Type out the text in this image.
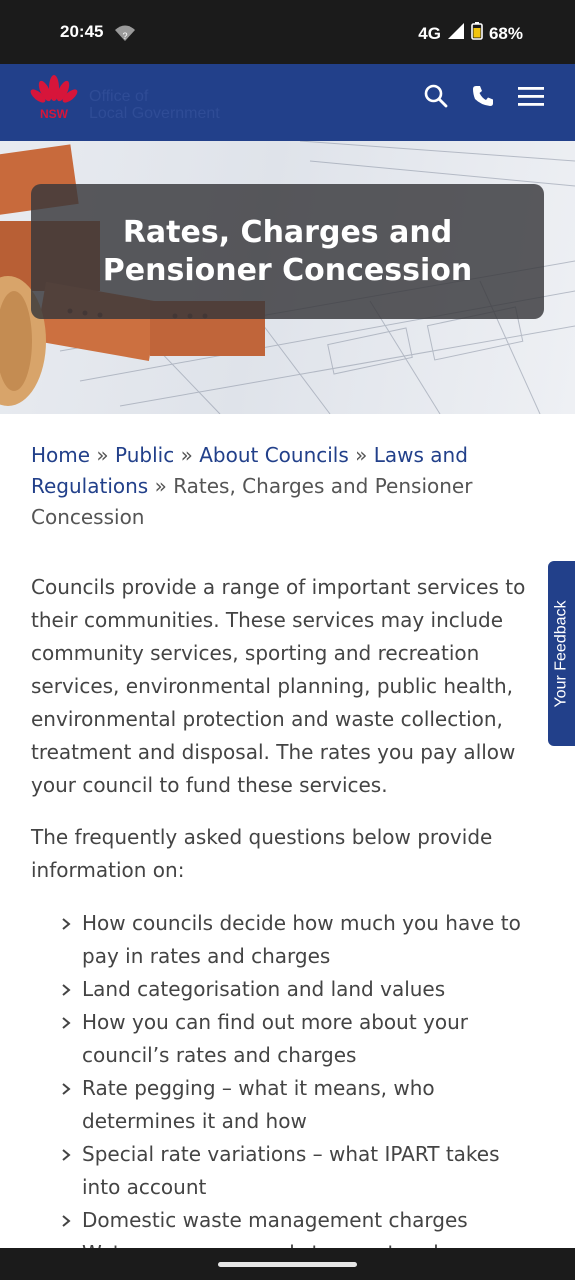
20:45 ?	4G	68%
NSW
Office of
Local Government
Rates, Charges and Pensioner Concession
Home » Public » About Councils » Laws and Regulations » Rates, Charges and Pensioner Concession

Councils provide a range of important services to their communities. These services may include community services, sporting and recreation services, environmental planning, public health, environmental protection and waste collection, treatment and disposal. The rates you pay allow your council to fund these services.

The frequently asked questions below provide information on:

How councils decide how much you have to pay in rates and charges
Land categorisation and land values
How you can find out more about your council’s rates and charges
Rate pegging – what it means, who determines it and how
Special rate variations – what IPART takes into account
Domestic waste management charges
Your Feedback
